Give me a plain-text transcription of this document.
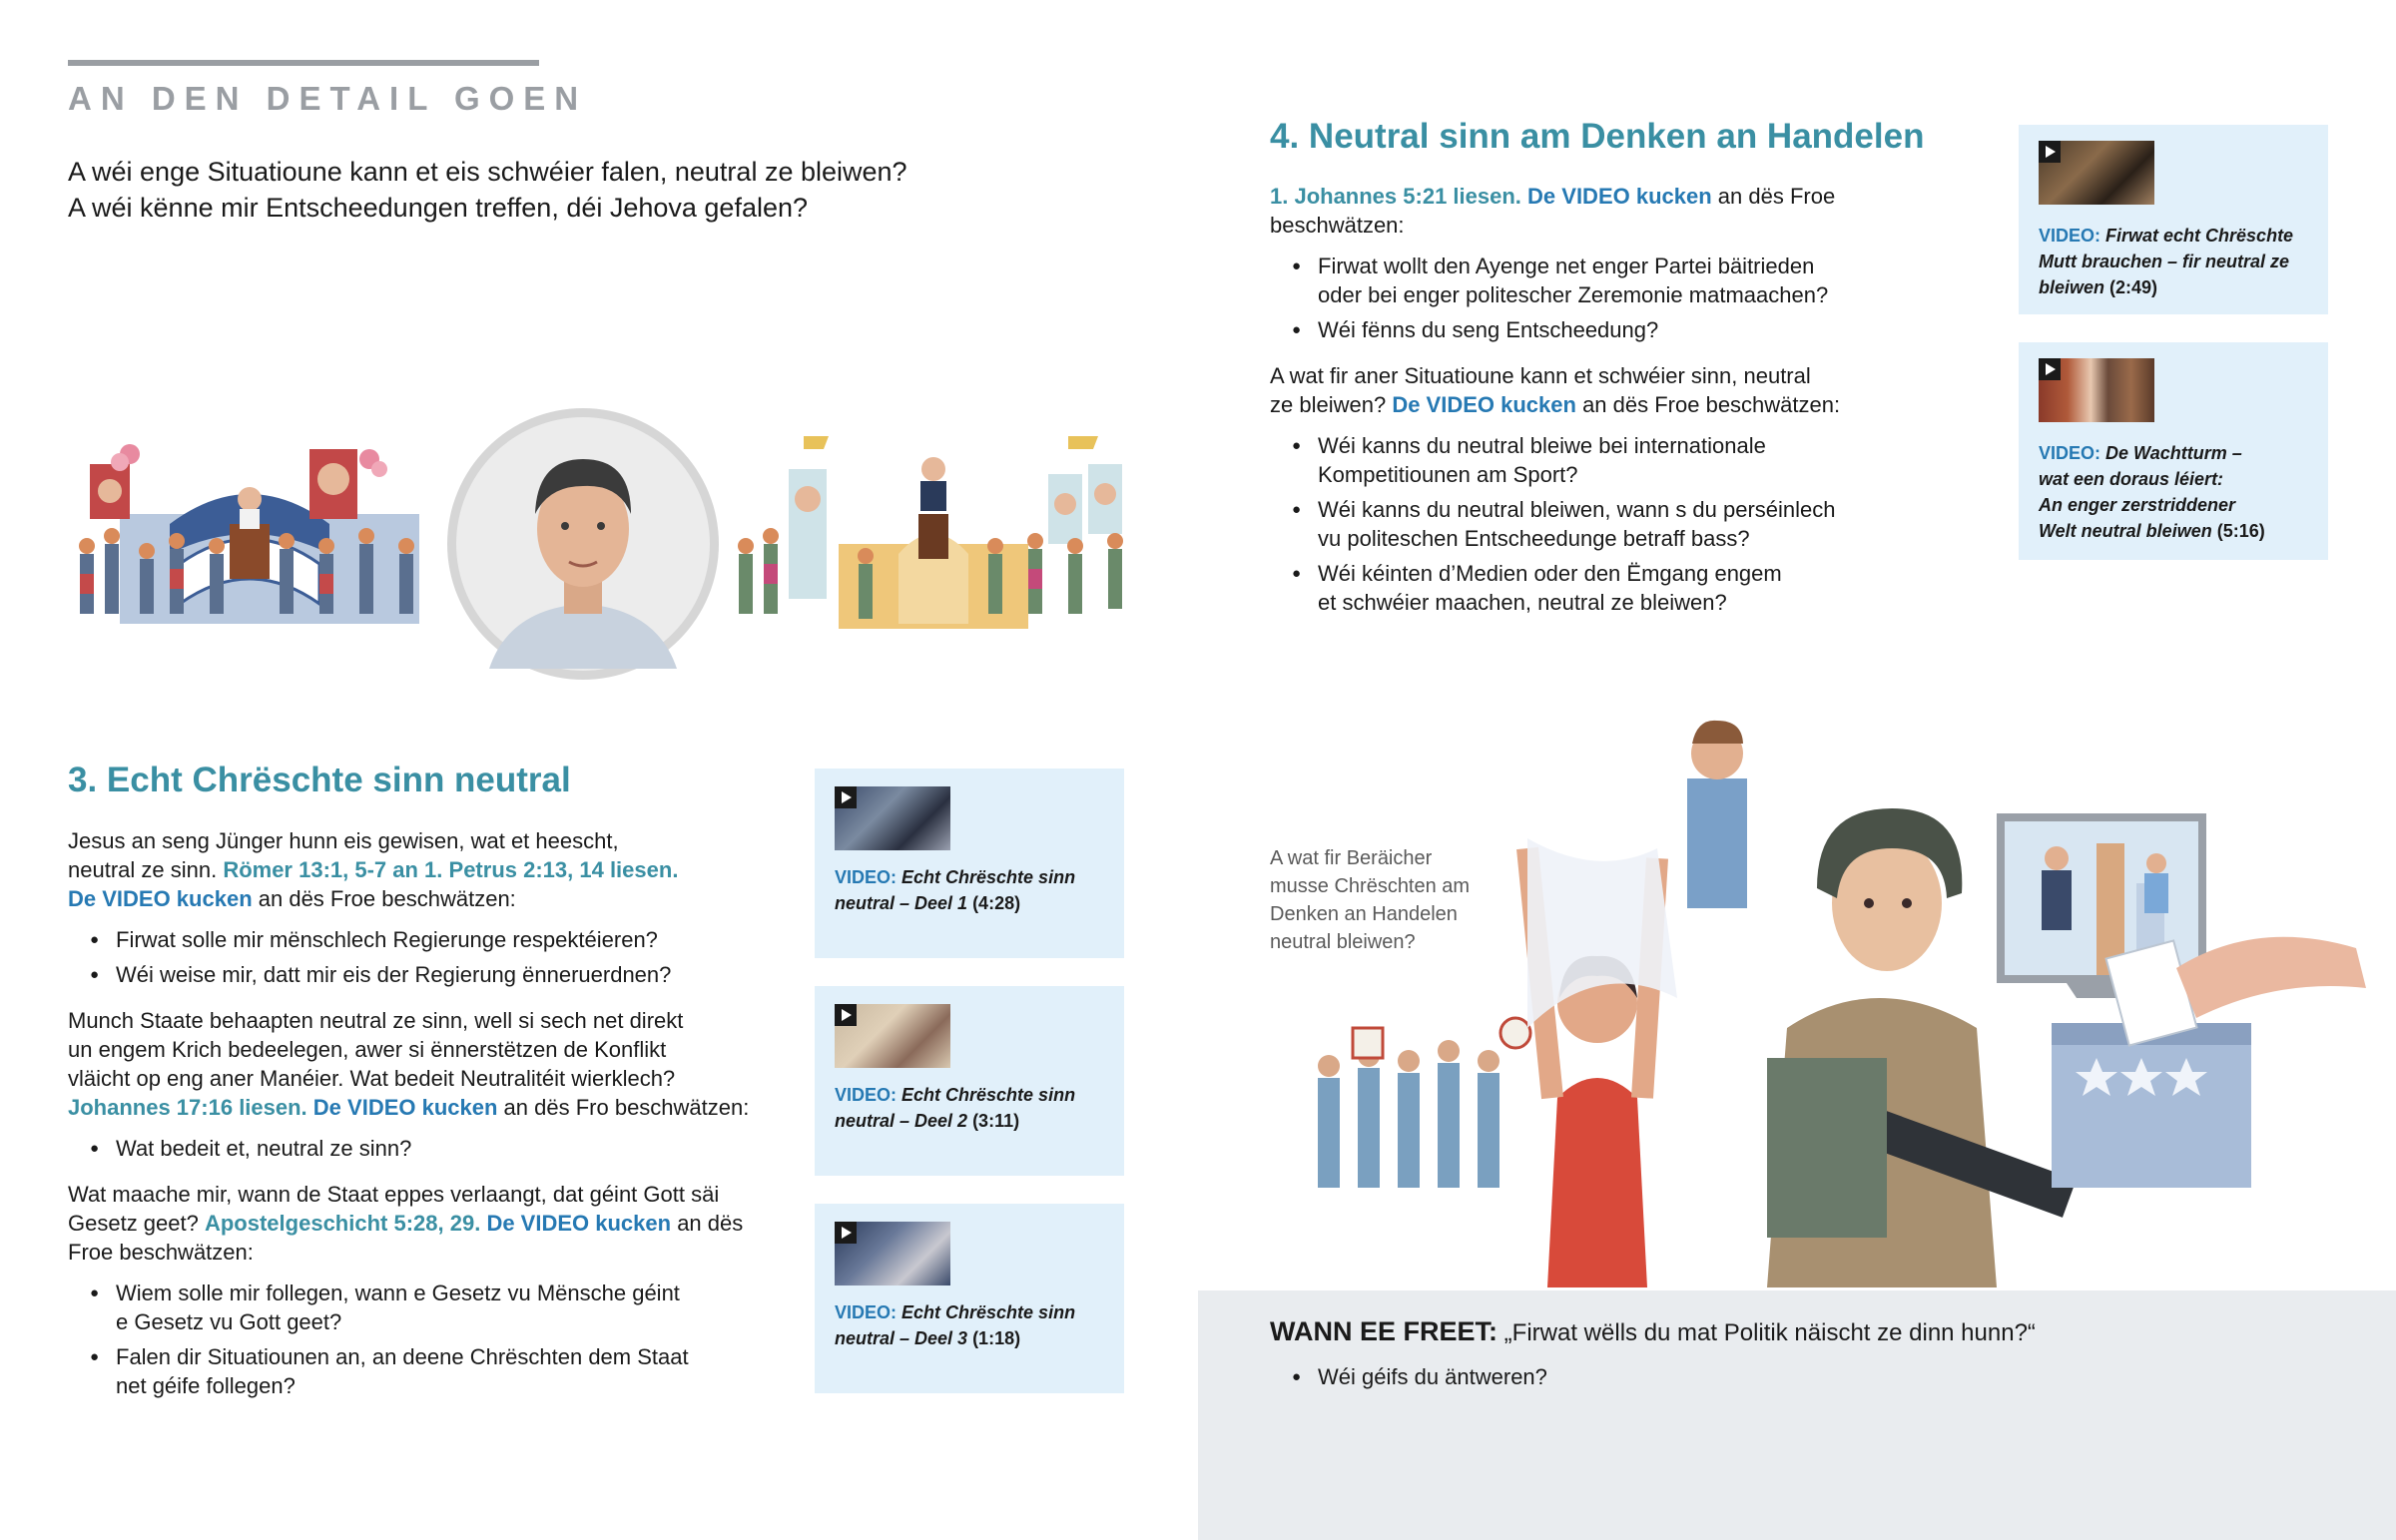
AN DEN DETAIL GOEN
A wéi enge Situatioune kann et eis schwéier falen, neutral ze bleiwen?
A wéi kënne mir Entscheedungen treffen, déi Jehova gefalen?
3. Echt Chrëschte sinn neutral

Jesus an seng Jünger hunn eis gewisen, wat et heescht,
neutral ze sinn. Römer 13:1, 5-7 an 1. Petrus 2:13, 14 liesen.
De VIDEO kucken an dës Froe beschwätzen:

● Firwat solle mir mënschlech Regierunge respektéieren?
● Wéi weise mir, datt mir eis der Regierung ënneruerdnen?

Munch Staate behaapten neutral ze sinn, well si sech net direkt
un engem Krich bedeelegen, awer si ënnerstëtzen de Konflikt
vläicht op eng aner Manéier. Wat bedeit Neutralitéit wierklech?
Johannes 17:16 liesen. De VIDEO kucken an dës Fro beschwätzen:

● Wat bedeit et, neutral ze sinn?

Wat maache mir, wann de Staat eppes verlaangt, dat géint Gott säi
Gesetz geet? Apostelgeschicht 5:28, 29. De VIDEO kucken an dës
Froe beschwätzen:

● Wiem solle mir follegen, wann e Gesetz vu Mënsche géint
e Gesetz vu Gott geet?
● Falen dir Situatiounen an, an deene Chrëschten dem Staat
net géife follegen?
VIDEO: Echt Chrëschte sinn
neutral – Deel 1 (4:28)
VIDEO: Echt Chrëschte sinn
neutral – Deel 2 (3:11)
VIDEO: Echt Chrëschte sinn
neutral – Deel 3 (1:18)
4. Neutral sinn am Denken an Handelen

1. Johannes 5:21 liesen. De VIDEO kucken an dës Froe
beschwätzen:

● Firwat wollt den Ayenge net enger Partei bäitrieden
oder bei enger politescher Zeremonie matmaachen?
● Wéi fënns du seng Entscheedung?

A wat fir aner Situatioune kann et schwéier sinn, neutral
ze bleiwen? De VIDEO kucken an dës Froe beschwätzen:

● Wéi kanns du neutral bleiwe bei internationale
Kompetitiounen am Sport?
● Wéi kanns du neutral bleiwen, wann s du perséinlech
vu politeschen Entscheedunge betraff bass?
● Wéi kéinten d’Medien oder den Ëmgang engem
et schwéier maachen, neutral ze bleiwen?
VIDEO: Firwat echt Chrëschte
Mutt brauchen – fir neutral ze
bleiwen (2:49)
VIDEO: De Wachtturm –
wat een doraus léiert:
An enger zerstriddener
Welt neutral bleiwen (5:16)
A wat fir Beräicher
musse Chrëschten am
Denken an Handelen
neutral bleiwen?
WANN EE FREET: „Firwat wëlls du mat Politik näischt ze dinn hunn?“
● Wéi géifs du äntweren?
